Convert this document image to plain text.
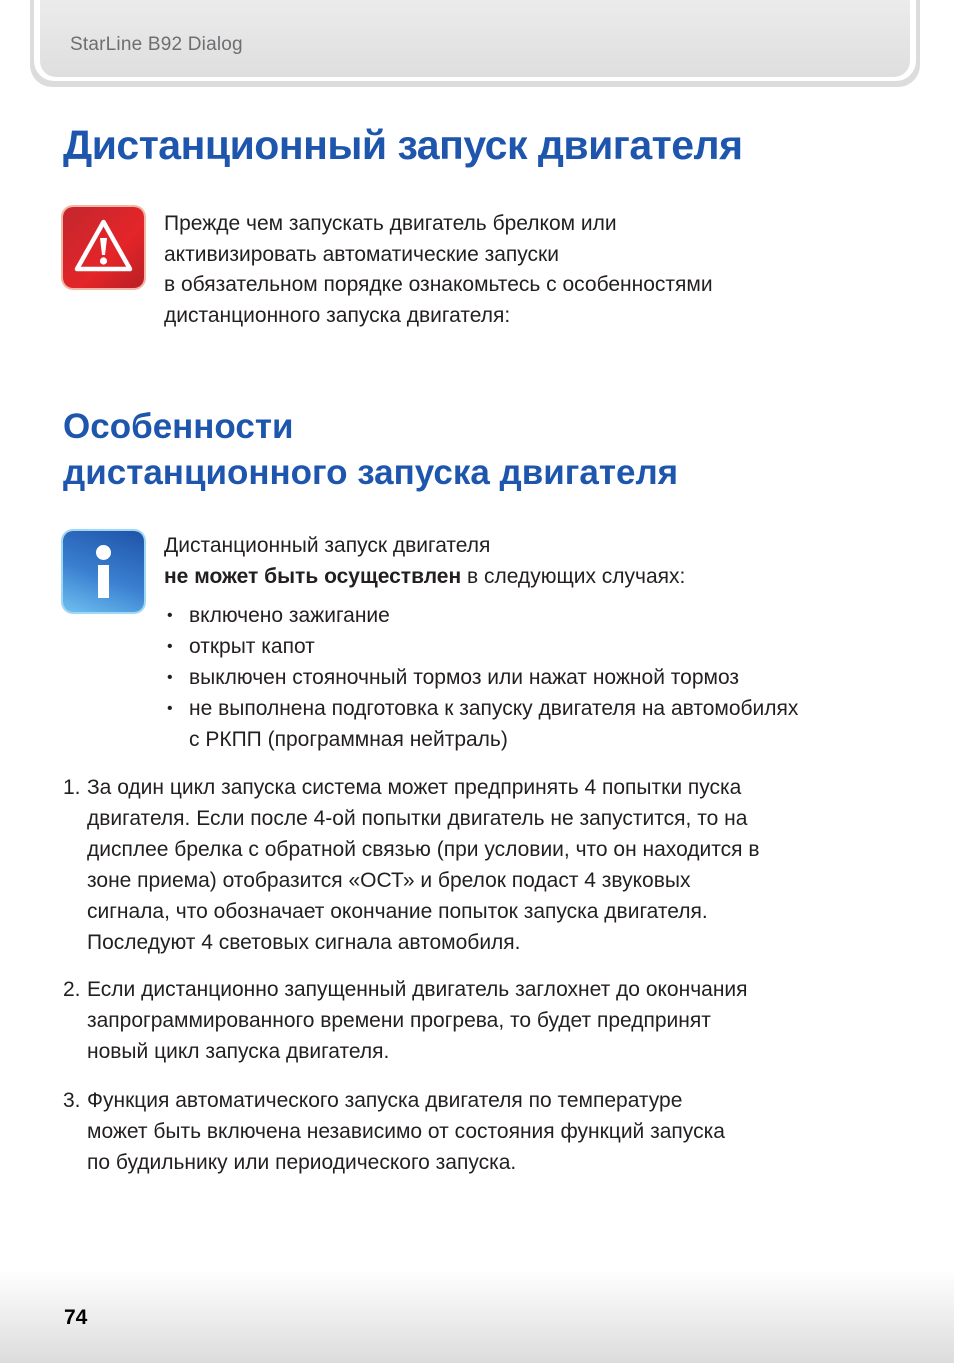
StarLine B92 Dialog
Дистанционный запуск двигателя
Прежде чем запускать двигатель брелком или
активизировать автоматические запуски
в обязательном порядке ознакомьтесь с особенностями
дистанционного запуска двигателя:
Особенности
дистанционного запуска двигателя
Дистанционный запуск двигателя
не может быть осуществлен в следующих случаях:
• включено зажигание
• открыт капот
• выключен стояночный тормоз или нажат ножной тормоз
• не выполнена подготовка к запуску двигателя на автомобилях с РКПП (программная нейтраль)
1. За один цикл запуска система может предпринять 4 попытки пуска
двигателя. Если после 4-ой попытки двигатель не запустится, то на
дисплее брелка с обратной связью (при условии, что он находится в
зоне приема) отобразится «ОСТ» и брелок подаст 4 звуковых
сигнала, что обозначает окончание попыток запуска двигателя.
Последуют 4 световых сигнала автомобиля.
2. Если дистанционно запущенный двигатель заглохнет до окончания
запрограммированного времени прогрева, то будет предпринят
новый цикл запуска двигателя.
3. Функция автоматического запуска двигателя по температуре
может быть включена независимо от состояния функций запуска
по будильнику или периодического запуска.
74
